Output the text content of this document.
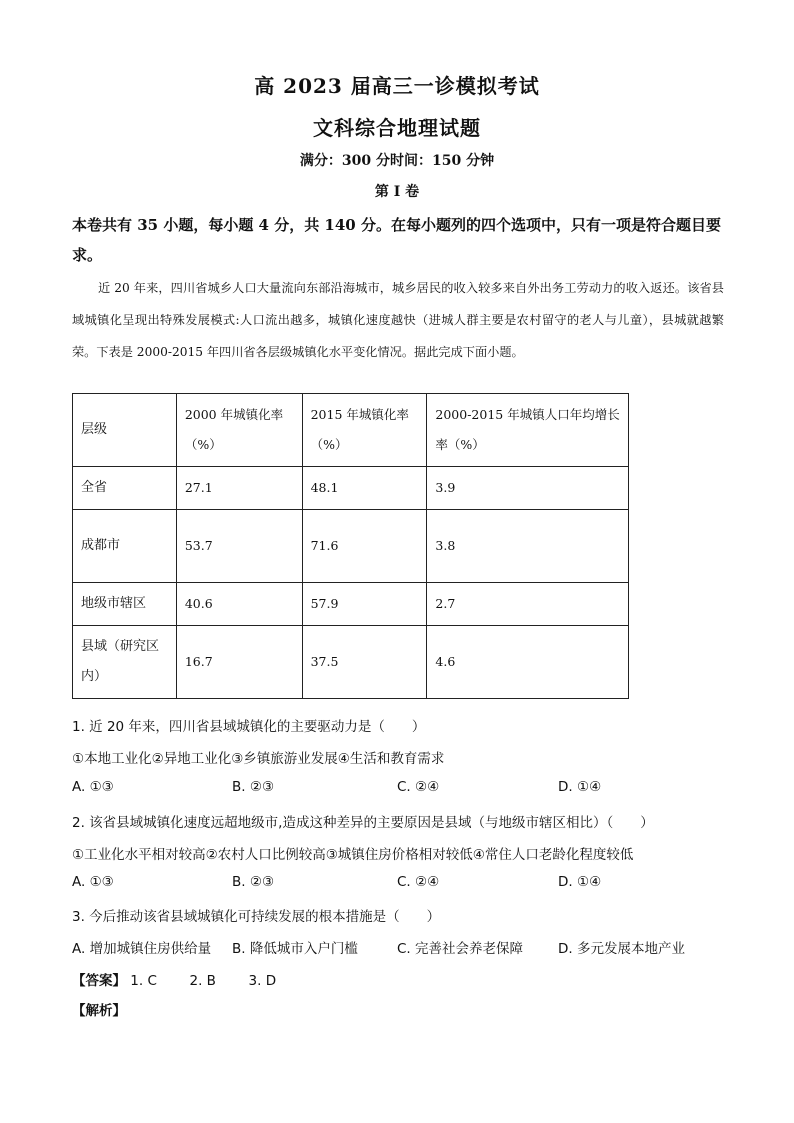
高 2023 届高三一诊模拟考试
文科综合地理试题
满分：300 分时间：150 分钟
第 I 卷
本卷共有 35 小题，每小题 4 分，共 140 分。在每小题列的四个选项中，只有一项是符合题目要求。
近 20 年来，四川省城乡人口大量流向东部沿海城市，城乡居民的收入较多来自外出务工劳动力的收入返还。该省县域城镇化呈现出特殊发展模式:人口流出越多，城镇化速度越快（进城人群主要是农村留守的老人与儿童），县城就越繁荣。下表是 2000-2015 年四川省各层级城镇化水平变化情况。据此完成下面小题。
层级	2000 年城镇化率（%）	2015 年城镇化率（%）	2000-2015 年城镇人口年均增长率（%）
全省	27.1	48.1	3.9
成都市	53.7	71.6	3.8
地级市辖区	40.6	57.9	2.7
县域（研究区内）	16.7	37.5	4.6
1. 近 20 年来，四川省县域城镇化的主要驱动力是（　　）
①本地工业化②异地工业化③乡镇旅游业发展④生活和教育需求
A. ①③	B. ②③	C. ②④	D. ①④
2. 该省县域城镇化速度远超地级市,造成这种差异的主要原因是县域（与地级市辖区相比）（　　）
①工业化水平相对较高②农村人口比例较高③城镇住房价格相对较低④常住人口老龄化程度较低
A. ①③	B. ②③	C. ②④	D. ①④
3. 今后推动该省县域城镇化可持续发展的根本措施是（　　）
A. 增加城镇住房供给量 B. 降低城市入户门槛	C. 完善社会养老保障	D. 多元发展本地产业
【答案】 1. C 2. B 3. D
【解析】
